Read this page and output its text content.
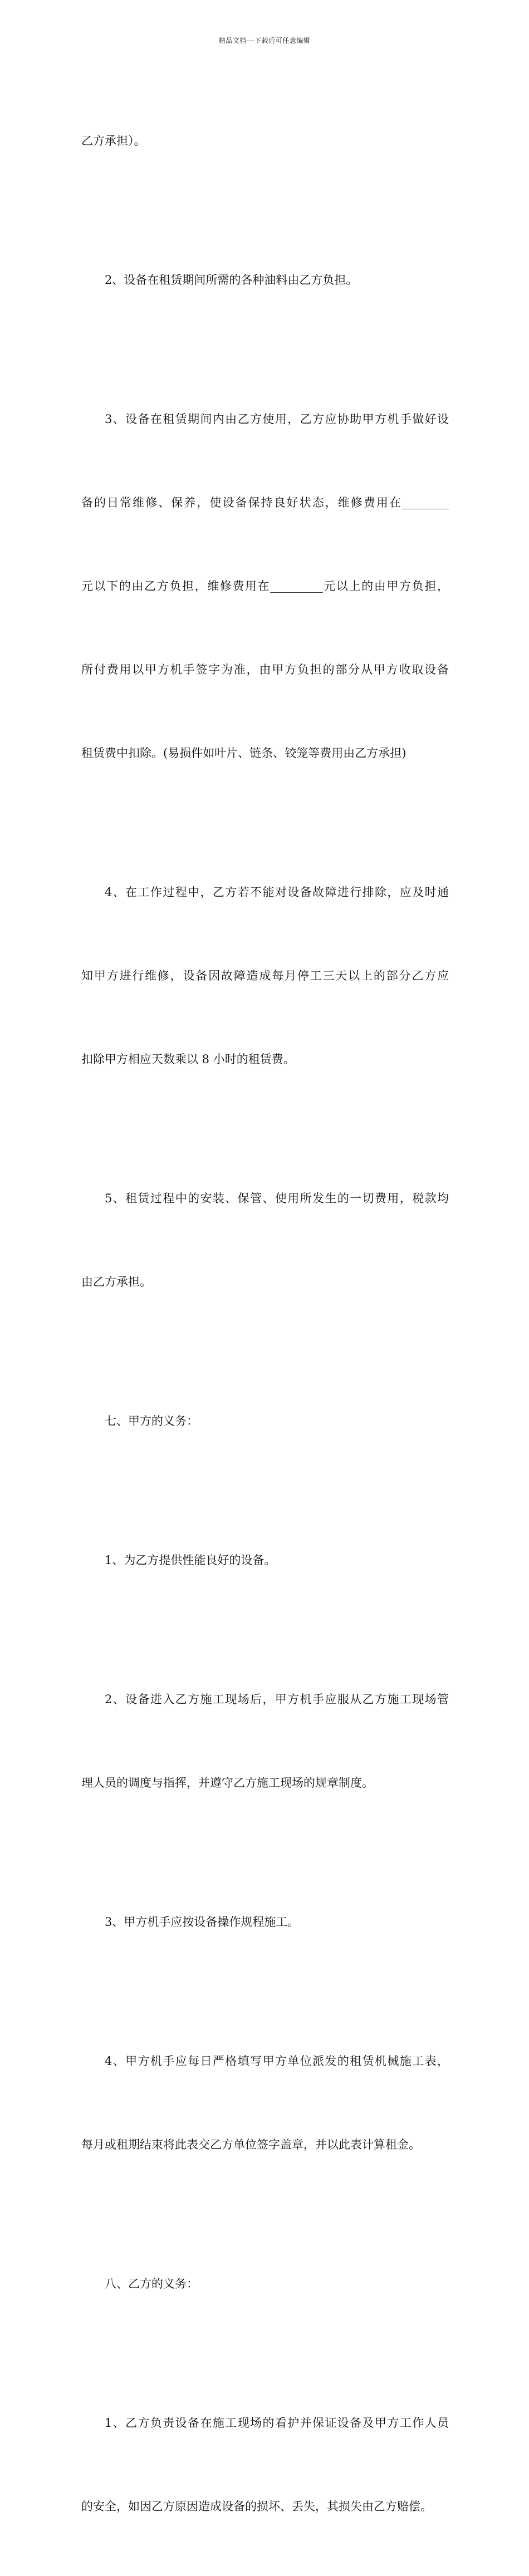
精品文档---下载后可任意编辑

乙方承担）。

2、设备在租赁期间所需的各种油料由乙方负担。

3、设备在租赁期间内由乙方使用，乙方应协助甲方机手做好设

备的日常维修、保养，使设备保持良好状态，维修费用在________

元以下的由乙方负担，维修费用在_________元以上的由甲方负担，

所付费用以甲方机手签字为准，由甲方负担的部分从甲方收取设备

租赁费中扣除。(易损件如叶片、链条、铰笼等费用由乙方承担)

4、在工作过程中，乙方若不能对设备故障进行排除，应及时通

知甲方进行维修，设备因故障造成每月停工三天以上的部分乙方应

扣除甲方相应天数乘以 8 小时的租赁费。

5、租赁过程中的安装、保管、使用所发生的一切费用，税款均

由乙方承担。

七、甲方的义务：

1、为乙方提供性能良好的设备。

2、设备进入乙方施工现场后，甲方机手应服从乙方施工现场管

理人员的调度与指挥，并遵守乙方施工现场的规章制度。

3、甲方机手应按设备操作规程施工。

4、甲方机手应每日严格填写甲方单位派发的租赁机械施工表，

每月或租期结束将此表交乙方单位签字盖章，并以此表计算租金。

八、乙方的义务：

1、乙方负责设备在施工现场的看护并保证设备及甲方工作人员

的安全，如因乙方原因造成设备的损坏、丢失，其损失由乙方赔偿。
